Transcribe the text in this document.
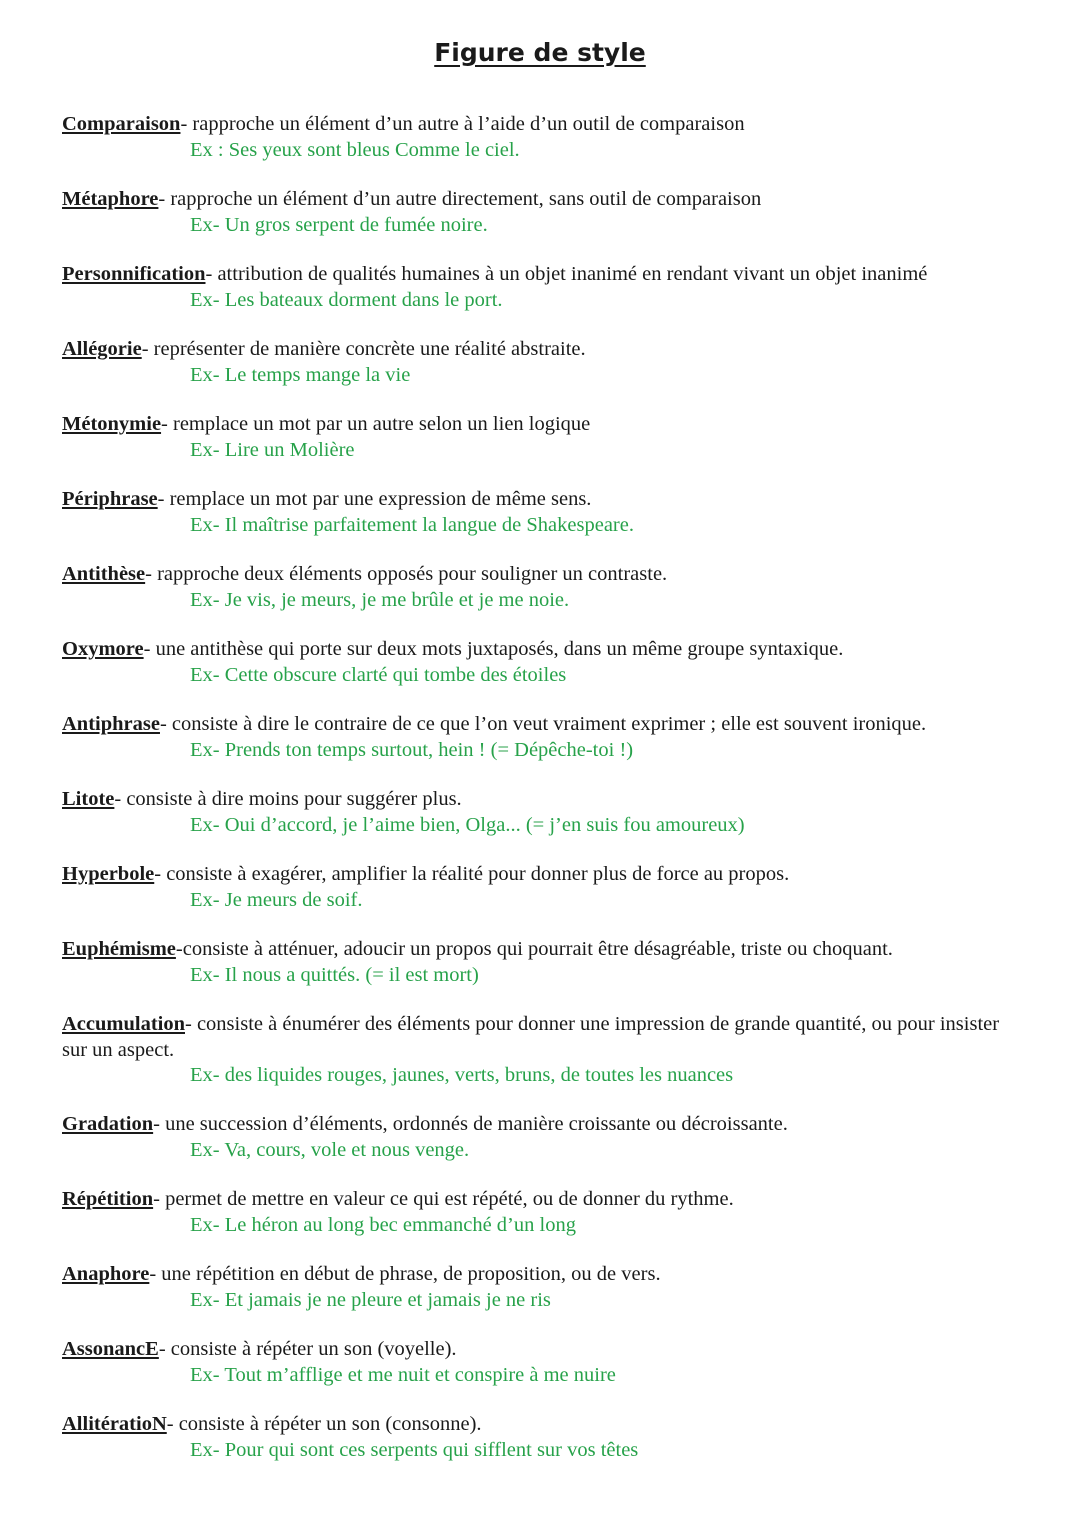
Figure de style
Comparaison- rapproche un élément d’un autre à l’aide d’un outil de comparaison
Ex : Ses yeux sont bleus Comme le ciel.
Métaphore- rapproche un élément d’un autre directement, sans outil de comparaison
Ex- Un gros serpent de fumée noire.
Personnification- attribution de qualités humaines à un objet inanimé en rendant vivant un objet inanimé
Ex- Les bateaux dorment dans le port.
Allégorie- représenter de manière concrète une réalité abstraite.
Ex- Le temps mange la vie
Métonymie- remplace un mot par un autre selon un lien logique
Ex- Lire un Molière
Périphrase- remplace un mot par une expression de même sens.
Ex- Il maîtrise parfaitement la langue de Shakespeare.
Antithèse- rapproche deux éléments opposés pour souligner un contraste.
Ex- Je vis, je meurs, je me brûle et je me noie.
Oxymore- une antithèse qui porte sur deux mots juxtaposés, dans un même groupe syntaxique.
Ex- Cette obscure clarté qui tombe des étoiles
Antiphrase- consiste à dire le contraire de ce que l’on veut vraiment exprimer ; elle est souvent ironique.
Ex- Prends ton temps surtout, hein ! (= Dépêche-toi !)
Litote- consiste à dire moins pour suggérer plus.
Ex- Oui d’accord, je l’aime bien, Olga... (= j’en suis fou amoureux)
Hyperbole- consiste à exagérer, amplifier la réalité pour donner plus de force au propos.
Ex- Je meurs de soif.
Euphémisme-consiste à atténuer, adoucir un propos qui pourrait être désagréable, triste ou choquant.
Ex- Il nous a quittés. (= il est mort)
Accumulation- consiste à énumérer des éléments pour donner une impression de grande quantité, ou pour insister sur un aspect.
Ex- des liquides rouges, jaunes, verts, bruns, de toutes les nuances
Gradation- une succession d’éléments, ordonnés de manière croissante ou décroissante.
Ex- Va, cours, vole et nous venge.
Répétition- permet de mettre en valeur ce qui est répété, ou de donner du rythme.
Ex- Le héron au long bec emmanché d’un long
Anaphore- une répétition en début de phrase, de proposition, ou de vers.
Ex- Et jamais je ne pleure et jamais je ne ris
AssonancE- consiste à répéter un son (voyelle).
Ex- Tout m’afflige et me nuit et conspire à me nuire
AllitératioN- consiste à répéter un son (consonne).
Ex- Pour qui sont ces serpents qui sifflent sur vos têtes
